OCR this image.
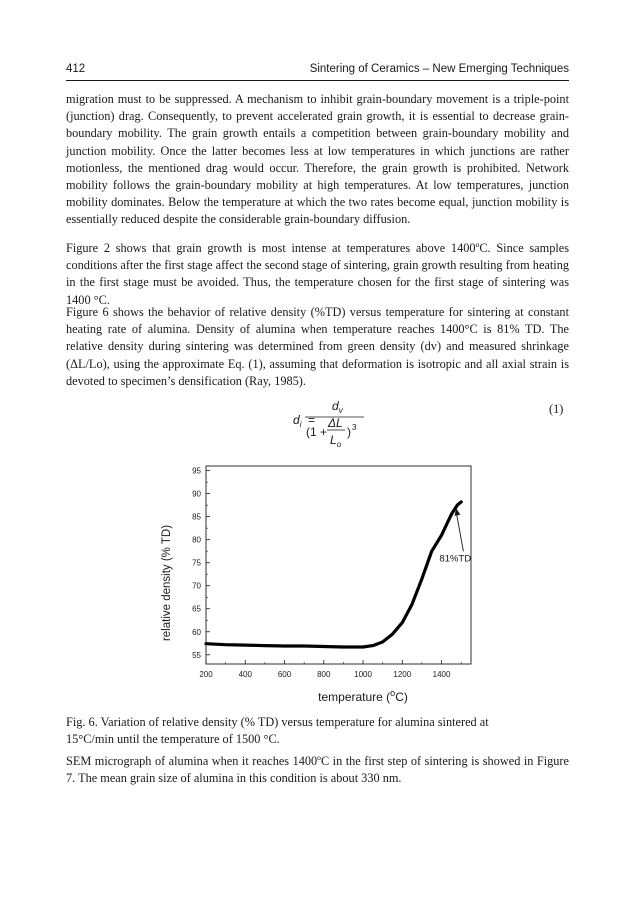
412	Sintering of Ceramics – New Emerging Techniques

migration must to be suppressed. A mechanism to inhibit grain-boundary movement is a triple-point (junction) drag. Consequently, to prevent accelerated grain growth, it is essential to decrease grain-boundary mobility. The grain growth entails a competition between grain-boundary mobility and junction mobility. Once the latter becomes less at low temperatures in which junctions are rather motionless, the mentioned drag would occur. Therefore, the grain growth is prohibited. Network mobility follows the grain-boundary mobility at high temperatures. At low temperatures, junction mobility dominates. Below the temperature at which the two rates become equal, junction mobility is essentially reduced despite the considerable grain-boundary diffusion.

Figure 2 shows that grain growth is most intense at temperatures above 1400ºC. Since samples conditions after the first stage affect the second stage of sintering, grain growth resulting from heating in the first stage must be avoided. Thus, the temperature chosen for the first stage of sintering was 1400 °C.

Figure 6 shows the behavior of relative density (%TD) versus temperature for sintering at constant heating rate of alumina. Density of alumina when temperature reaches 1400°C is 81% TD. The relative density during sintering was determined from green density (dv) and measured shrinkage (ΔL/Lo), using the approximate Eq. (1), assuming that deformation is isotropic and all axial strain is devoted to specimen’s densification (Ray, 1985).

$d_i$ =
$d_v$
(1 +
ΔL
$L_o$
) 3
(1)
200	400	600	800	1000	1200	1400
55
60
65
70
75
80
85
90
95
81%TD
temperature ($^o$C)
relative density (% TD)
Fig. 6. Variation of relative density (% TD) versus temperature for alumina sintered at
15°C/min until the temperature of 1500 °C.

SEM micrograph of alumina when it reaches 1400ºC in the first step of sintering is showed in Figure 7. The mean grain size of alumina in this condition is about 330 nm.
